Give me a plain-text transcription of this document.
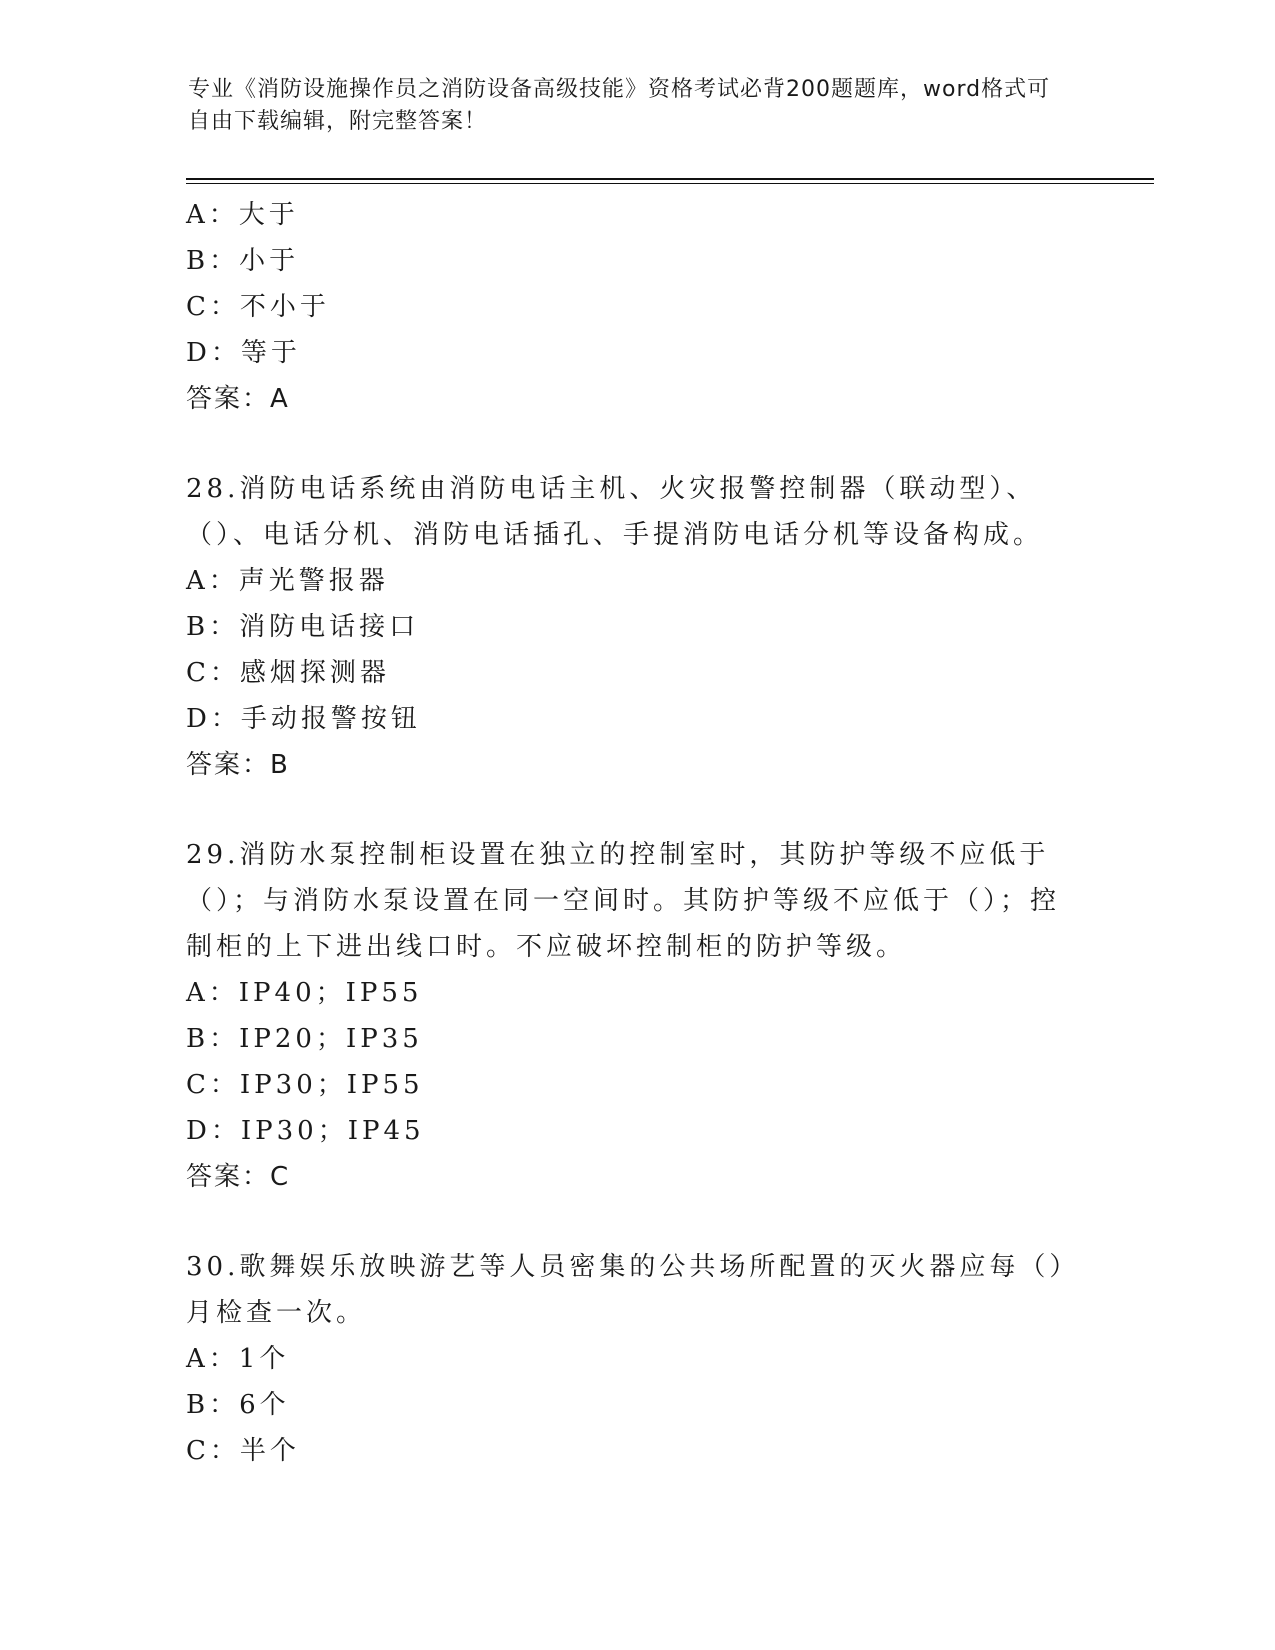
专业《消防设施操作员之消防设备高级技能》资格考试必背200题题库，word格式可自由下载编辑，附完整答案！
A：大于
B：小于
C：不小于
D：等于
答案：A
28.消防电话系统由消防电话主机、火灾报警控制器（联动型）、（）、电话分机、消防电话插孔、手提消防电话分机等设备构成。
A：声光警报器
B：消防电话接口
C：感烟探测器
D：手动报警按钮
答案：B
29.消防水泵控制柜设置在独立的控制室时，其防护等级不应低于（）；与消防水泵设置在同一空间时。其防护等级不应低于（）；控制柜的上下进出线口时。不应破坏控制柜的防护等级。
A：IP40；IP55
B：IP20；IP35
C：IP30；IP55
D：IP30；IP45
答案：C
30.歌舞娱乐放映游艺等人员密集的公共场所配置的灭火器应每（）月检查一次。
A：1个
B：6个
C：半个
